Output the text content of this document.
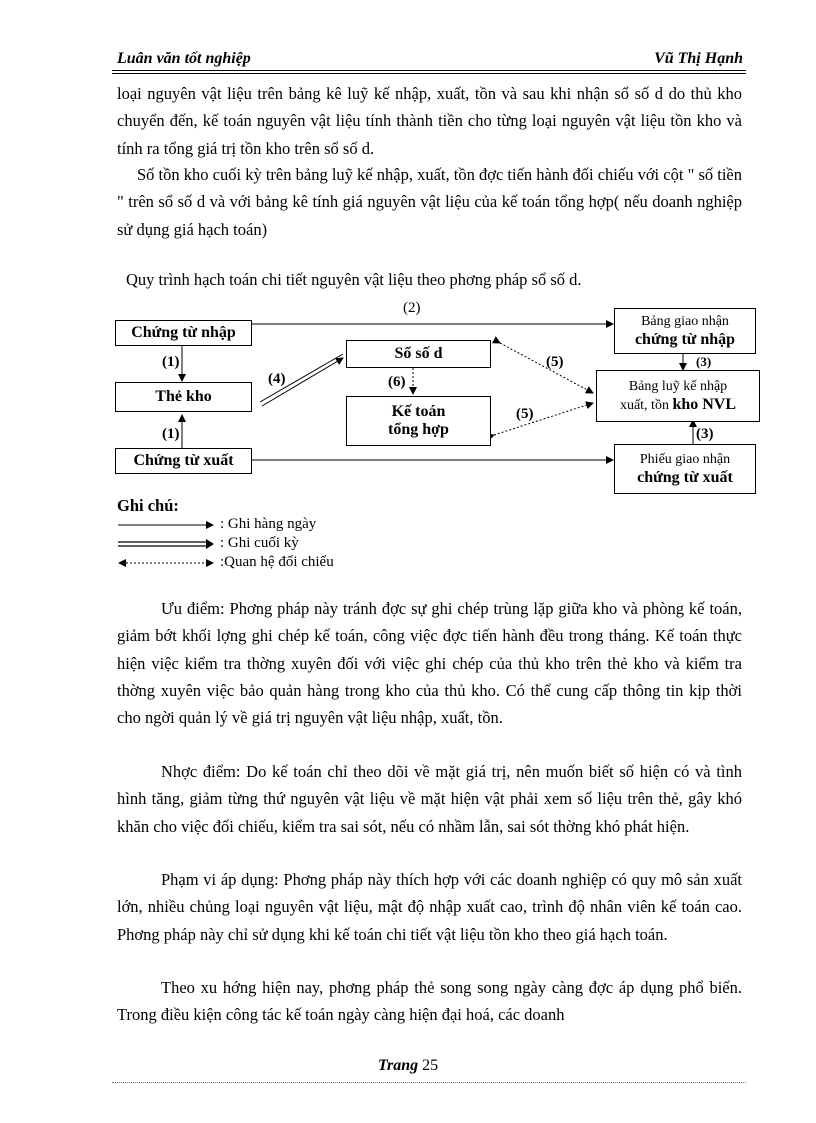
Luân văn tốt nghiệp	Vũ Thị Hạnh

loại nguyên vật liệu trên bảng kê luỹ kế nhập, xuất, tồn và sau khi nhận sổ số d do thủ kho chuyển đến, kế toán nguyên vật liệu tính thành tiền cho từng loại nguyên vật liệu tồn kho và tính ra tổng giá trị tồn kho trên sổ số d.

Số tồn kho cuối kỳ trên bảng luỹ kế nhập, xuất, tồn đợc tiến hành đối chiếu với cột " số tiền " trên sổ số d và với bảng kê tính giá nguyên vật liệu của kế toán tổng hợp( nếu doanh nghiệp sử dụng giá hạch toán)

Quy trình hạch toán chi tiết nguyên vật liệu theo phơng pháp sổ số d.
Chứng từ nhập
Thẻ kho
Chứng từ xuất
Sổ số d
Kế toán
tổng hợp
Bảng giao nhận
chứng từ nhập
Bảng luỹ kế nhập
xuất, tồn kho NVL
Phiếu giao nhận
chứng từ xuất
(2)
(1)
(1)
(4)	(6)
(5)
(5)
(3)
(3)
Ghi chú:
: Ghi hàng ngày
: Ghi cuối kỳ
:Quan hệ đối chiếu

Ưu điểm: Phơng pháp này tránh đợc sự ghi chép trùng lặp giữa kho và phòng kế toán, giảm bớt khối lợng ghi chép kế toán, công việc đợc tiến hành đều trong tháng. Kế toán thực hiện việc kiểm tra thờng xuyên đối với việc ghi chép của thủ kho trên thẻ kho và kiểm tra thờng xuyên việc bảo quản hàng trong kho của thủ kho. Có thể cung cấp thông tin kịp thời cho ngời quản lý về giá trị nguyên vật liệu nhập, xuất, tồn.

Nhợc điểm: Do kế toán chỉ theo dõi về mặt giá trị, nên muốn biết số hiện có và tình hình tăng, giảm từng thứ nguyên vật liệu về mặt hiện vật phải xem số liệu trên thẻ, gây khó khăn cho việc đối chiếu, kiểm tra sai sót, nếu có nhầm lẫn, sai sót thờng khó phát hiện.

Phạm vi áp dụng: Phơng pháp này thích hợp với các doanh nghiệp có quy mô sản xuất lớn, nhiều chủng loại nguyên vật liệu, mật độ nhập xuất cao, trình độ nhân viên kế toán cao. Phơng pháp này chỉ sử dụng khi kế toán chi tiết vật liệu tồn kho theo giá hạch toán.

Theo xu hớng hiện nay, phơng pháp thẻ song song ngày càng đợc áp dụng phổ biến. Trong điều kiện công tác kế toán ngày càng hiện đại hoá, các doanh

Trang 25
